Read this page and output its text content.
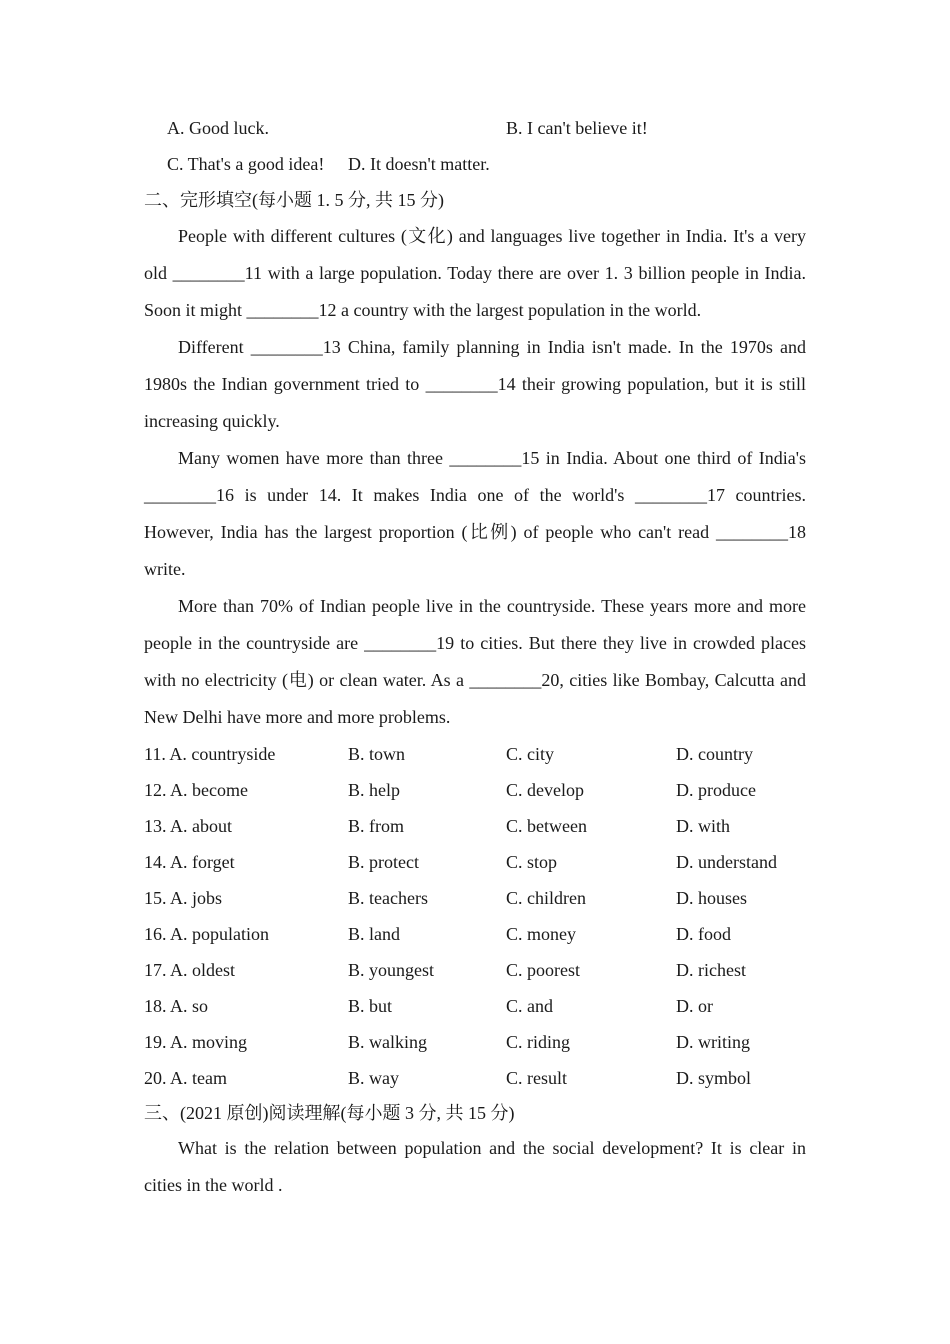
A. Good luck.	B. I can't believe it!
C. That's a good idea! D. It doesn't matter.
二、完形填空(每小题 1. 5 分, 共 15 分)

People with different cultures (文化) and languages live together in India. It's a very old ________11 with a large population. Today there are over 1. 3 billion people in India. Soon it might ________12 a country with the largest population in the world.

Different ________13 China, family planning in India isn't made. In the 1970s and 1980s the Indian government tried to ________14 their growing population, but it is still increasing quickly.

Many women have more than three ________15 in India. About one third of India's ________16 is under 14. It makes India one of the world's ________17 countries. However, India has the largest proportion (比例) of people who can't read ________18 write.

More than 70% of Indian people live in the countryside. These years more and more people in the countryside are ________19 to cities. But there they live in crowded places with no electricity (电) or clean water. As a ________20, cities like Bombay, Calcutta and New Delhi have more and more problems.

11. A. countryside	B. town	C. city	D. country
12. A. become	B. help	C. develop	D. produce
13. A. about	B. from	C. between	D. with
14. A. forget	B. protect	C. stop	D. understand
15. A. jobs	B. teachers	C. children	D. houses
16. A. population	B. land	C. money	D. food
17. A. oldest	B. youngest	C. poorest	D. richest
18. A. so	B. but	C. and	D. or
19. A. moving	B. walking	C. riding	D. writing
20. A. team	B. way	C. result	D. symbol
三、(2021 原创)阅读理解(每小题 3 分, 共 15 分)

What is the relation between population and the social development? It is clear in cities in the world .
